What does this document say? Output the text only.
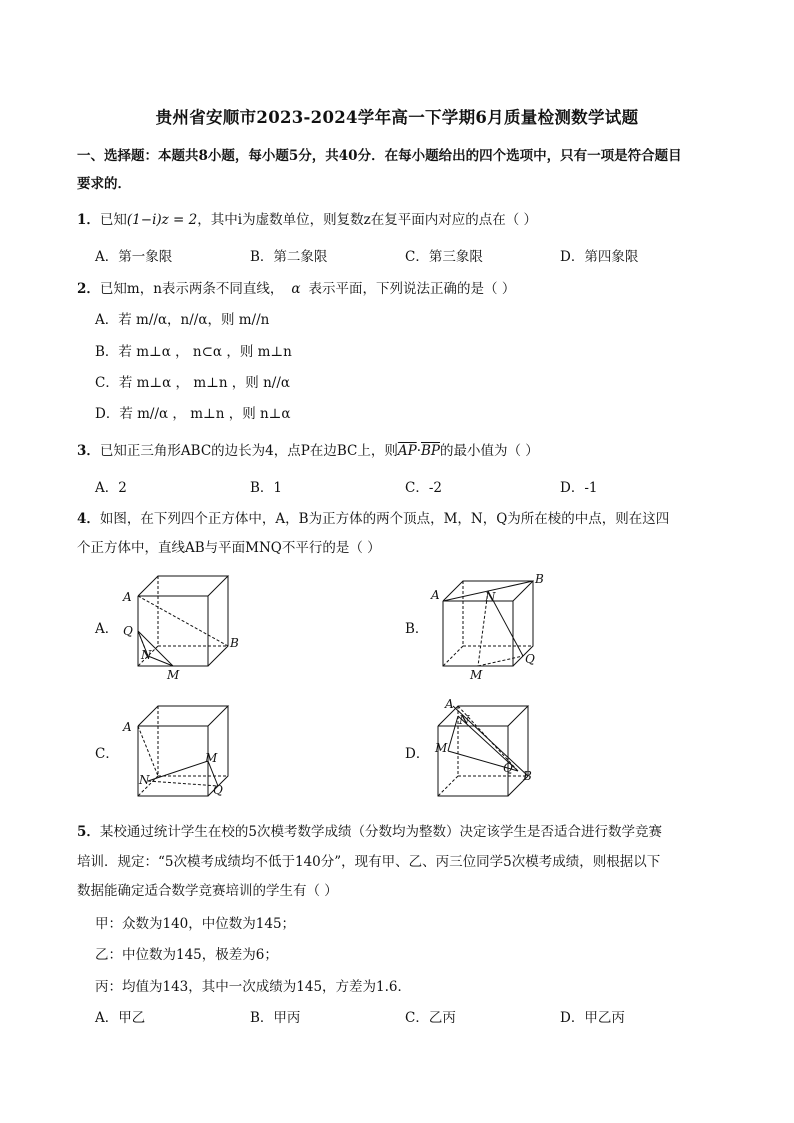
贵州省安顺市2023-2024学年高一下学期6月质量检测数学试题
一、选择题：本题共8小题，每小题5分，共40分．在每小题给出的四个选项中，只有一项是符合题目
要求的．
1．已知(1−i)z = 2，其中i为虚数单位，则复数z在复平面内对应的点在（ ）
A．第一象限	B．第二象限	C．第三象限	D．第四象限
2．已知m，n表示两条不同直线， α 表示平面，下列说法正确的是（ ）
A．若 m//α，n//α，则 m//n
B．若 m⊥α ， n⊂α ，则 m⊥n
C．若 m⊥α ， m⊥n ，则 n//α
D．若 m//α ， m⊥n ，则 n⊥α
3．已知正三角形ABC的边长为4，点P在边BC上，则$\overline{AP}\cdot\overline{BP}$的最小值为（ ）
A．2	B．1	C．-2	D．-1
4．如图，在下列四个正方体中，A，B为正方体的两个顶点，M，N，Q为所在棱的中点，则在这四
个正方体中，直线AB与平面MNQ不平行的是（ ）
A．	B．
C．	D．
A
Q
N
M
B
A
B
N
Q
M
A
M
N
Q
A
N
M
Q
B
5．某校通过统计学生在校的5次模考数学成绩（分数均为整数）决定该学生是否适合进行数学竞赛
培训．规定：“5次模考成绩均不低于140分”，现有甲、乙、丙三位同学5次模考成绩，则根据以下
数据能确定适合数学竞赛培训的学生有（ ）
甲：众数为140，中位数为145；
乙：中位数为145，极差为6；
丙：均值为143，其中一次成绩为145，方差为1.6．
A．甲乙	B．甲丙	C．乙丙	D．甲乙丙
